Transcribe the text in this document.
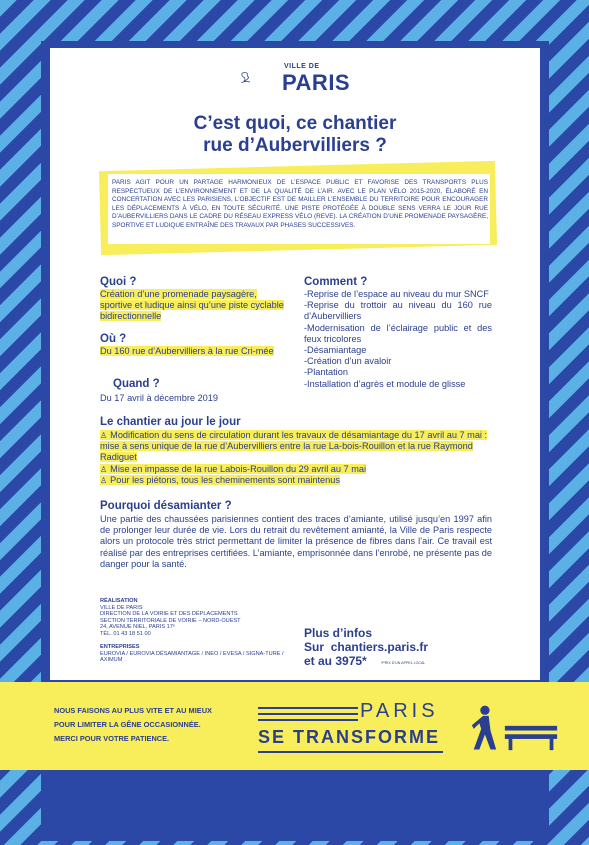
VILLE DE
PARIS
C’est quoi, ce chantier
rue d’Aubervilliers ?
PARIS AGIT POUR UN PARTAGE HARMONIEUX DE L’ESPACE PUBLIC ET FAVORISE DES TRANSPORTS PLUS RESPECTUEUX DE L’ENVIRONNEMENT ET DE LA QUALITÉ DE L’AIR. AVEC LE PLAN VÉLO 2015-2020, ÉLABORÉ EN CONCERTATION AVEC LES PARISIENS, L’OBJECTIF EST DE MAILLER L’ENSEMBLE DU TERRITOIRE POUR ENCOURAGER LES DÉPLACEMENTS À VÉLO, EN TOUTE SÉCURITÉ. UNE PISTE PROTÉGÉE À DOUBLE SENS VERRA LE JOUR RUE D’AUBERVILLIERS DANS LE CADRE DU RÉSEAU EXPRESS VÉLO (REVE). LA CRÉATION D’UNE PROMENADE PAYSAGÈRE, SPORTIVE ET LUDIQUE ENTRAÎNE DES TRAVAUX PAR PHASES SUCCESSIVES.
Quoi ?
Création d’une promenade paysagère, sportive et ludique ainsi qu’une piste cyclable bidirectionnelle
Où ?
Du 160 rue d’Aubervilliers à la rue Cri-mée
Quand ?
Du 17 avril à décembre 2019
Comment ?
-Reprise de l’espace au niveau du mur SNCF
-Reprise du trottoir au niveau du 160 rue d’Aubervilliers
-Modernisation de l’éclairage public et des feux tricolores
-Désamiantage
-Création d’un avaloir
-Plantation
-Installation d’agrès et module de glisse
Le chantier au jour le jour
♙ Modification du sens de circulation durant les travaux de désamiantage du 17 avril au 7 mai : mise à sens unique de la rue d’Aubervilliers entre la rue La-bois-Rouillon et la rue Raymond Radiguet
♙ Mise en impasse de la rue Labois-Rouillon du 29 avril au 7 mai
♙ Pour les piétons, tous les cheminements sont maintenus
Pourquoi désamianter ?
Une partie des chaussées parisiennes contient des traces d’amiante, utilisé jusqu’en 1997 afin de prolonger leur durée de vie. Lors du retrait du revêtement amianté, la Ville de Paris respecte alors un protocole très strict permettant de limiter la présence de fibres dans l’air. Ce travail est réalisé par des entreprises certifiées. L’amiante, emprisonnée dans l’enrobé, ne présente pas de danger pour la santé.
RÉALISATION
VILLE DE PARIS
DIRECTION DE LA VOIRIE ET DES DÉPLACEMENTS
SECTION TERRITORIALE DE VOIRIE – NORD-OUEST
24, AVENUE NIEL, PARIS 17ᵉ
TÉL. 01 43 18 51 00
ENTREPRISES
EUROVIA / EUROVIA DÉSAMIANTAGE / INEO / EVESA / SIGNA-TURE / AXIMUM
Plus d’infos
Sur chantiers.paris.fr
et au 3975*	*PRIX D’UN APPEL LOCAL
NOUS FAISONS AU PLUS VITE ET AU MIEUX
POUR LIMITER LA GÊNE OCCASIONNÉE.
MERCI POUR VOTRE PATIENCE.
PARIS
SE TRANSFORME
